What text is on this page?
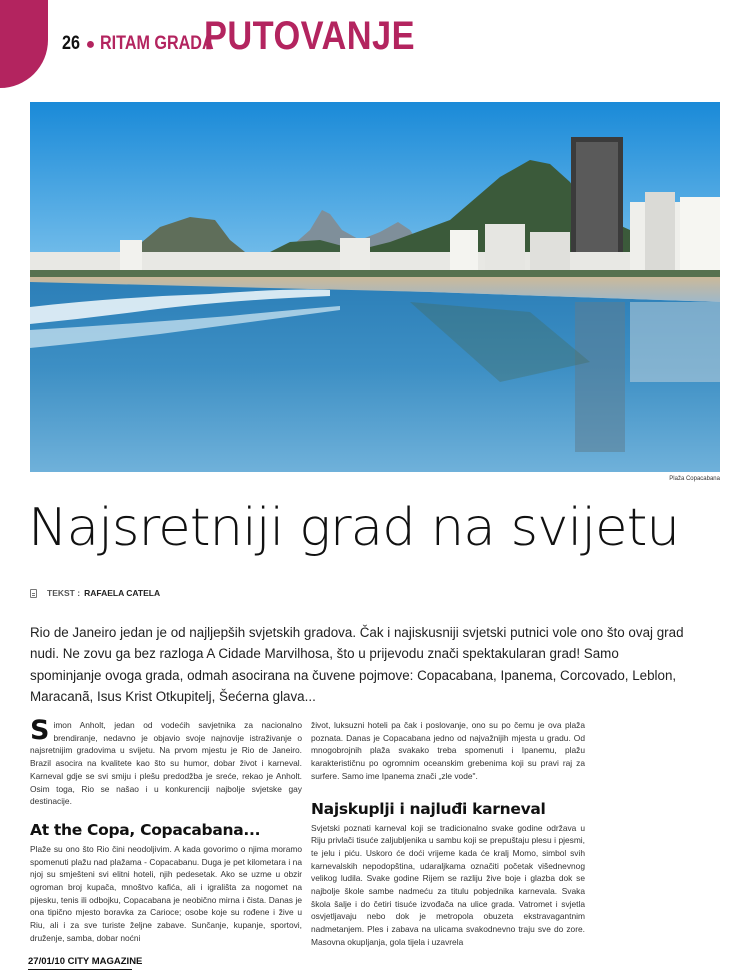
26 ● RITAM GRADA
PUTOVANJE
Plaža Copacabana
Najsretniji grad na svijetu
TEKST : RAFAELA CATELA

Rio de Janeiro jedan je od najljepših svjetskih gradova. Čak i najiskusniji svjetski putnici vole ono što ovaj grad nudi. Ne zovu ga bez razloga A Cidade Marvilhosa, što u prijevodu znači spektakularan grad! Samo spominjanje ovoga grada, odmah asocirana na čuvene pojmove: Copacabana, Ipanema, Corcovado, Leblon, Maracanã, Isus Krist Otkupitelj, Šećerna glava...

Simon Anholt, jedan od vodećih savjetnika za nacionalno brendiranje, nedavno je objavio svoje najnovije istraživanje o najsretnijim gradovima u svijetu. Na prvom mjestu je Rio de Janeiro. Brazil asocira na kvalitete kao što su humor, dobar život i karneval. Karneval gdje se svi smiju i plešu predodžba je sreće, rekao je Anholt. Osim toga, Rio se našao i u konkurenciji najbolje svjetske gay destinacije.

At the Copa, Copacabana...

Plaže su ono što Rio čini neodoljivim. A kada govorimo o njima moramo spomenuti plažu nad plažama - Copacabanu. Duga je pet kilometara i na njoj su smješteni svi elitni hoteli, njih pedesetak. Ako se uzme u obzir ogroman broj kupača, mnoštvo kafića, ali i igrališta za nogomet na pijesku, tenis ili odbojku, Copacabana je neobično mirna i čista. Danas je ona tipično mjesto boravka za Carioce; osobe koje su rođene i žive u Riu, ali i za sve turiste željne zabave. Sunčanje, kupanje, sportovi, druženje, samba, dobar noćni

život, luksuzni hoteli pa čak i poslovanje, ono su po čemu je ova plaža poznata. Danas je Copacabana jedno od najvažnijih mjesta u gradu. Od mnogobrojnih plaža svakako treba spomenuti i Ipanemu, plažu karakterističnu po ogromnim oceanskim grebenima koji su pravi raj za surfere. Samo ime Ipanema znači „zle vode".

Najskuplji i najluđi karneval

Svjetski poznati karneval koji se tradicionalno svake godine održava u Riju privlači tisuće zaljubljenika u sambu koji se prepuštaju plesu i pjesmi, te jelu i piću. Uskoro će doći vrijeme kada će kralj Momo, simbol svih karnevalskih nepodopština, udaraljkama označiti početak višednevnog velikog ludila. Svake godine Rijem se razliju žive boje i glazba dok se najbolje škole sambe nadmeću za titulu pobjednika karnevala. Svaka škola šalje i do četiri tisuće izvođača na ulice grada. Vatromet i svjetla osvjetljavaju nebo dok je metropola obuzeta ekstravagantnim nadmetanjem. Ples i zabava na ulicama svakodnevno traju sve do zore. Masovna okupljanja, gola tijela i uzavrela

27/01/10 CITY MAGAZINE
